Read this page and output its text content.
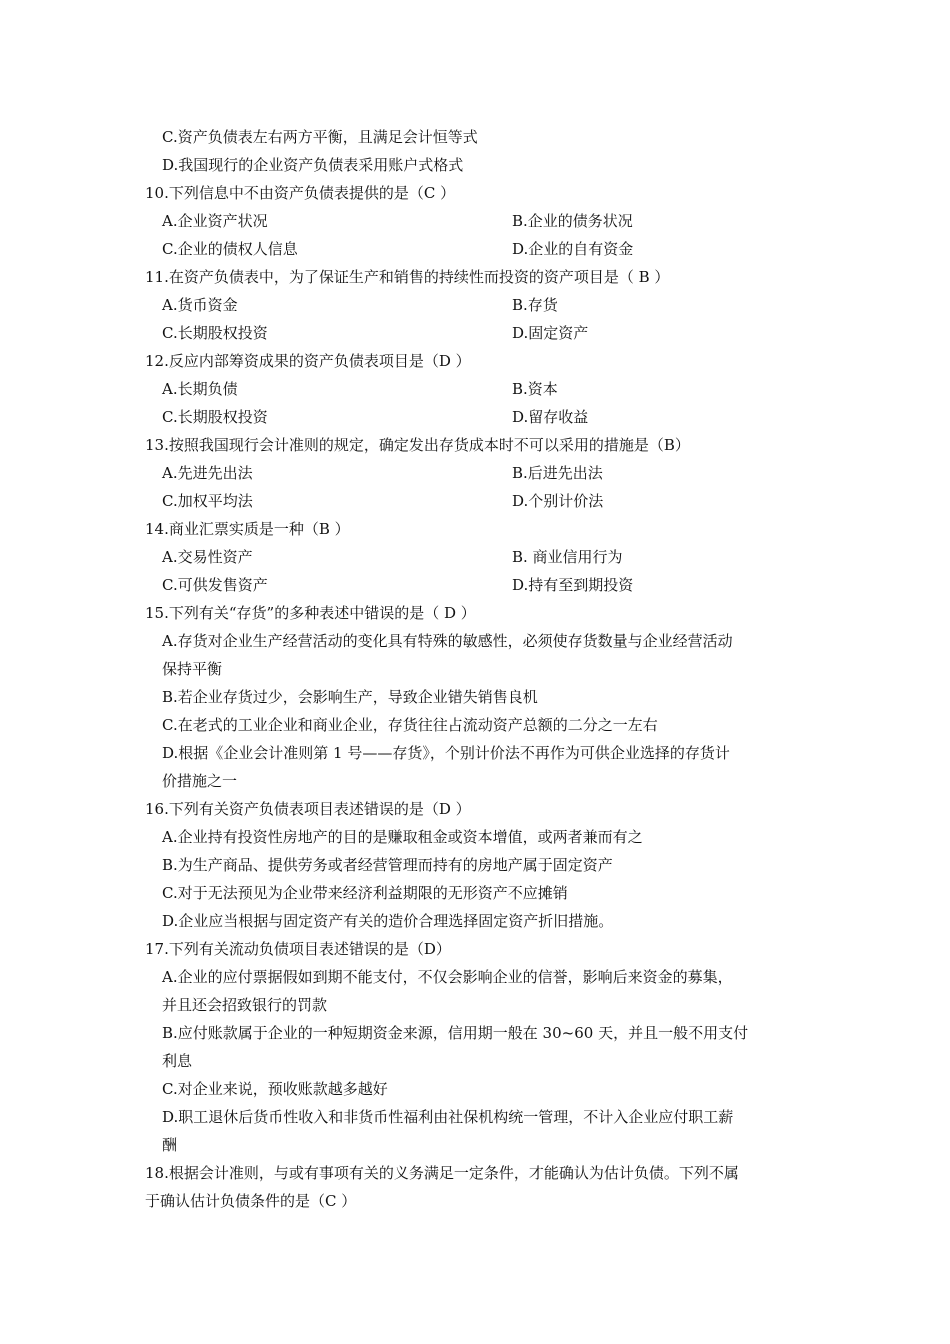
C.资产负债表左右两方平衡，且满足会计恒等式
D.我国现行的企业资产负债表采用账户式格式
10.下列信息中不由资产负债表提供的是（C ）
A.企业资产状况	B.企业的债务状况
C.企业的债权人信息	D.企业的自有资金
11.在资产负债表中，为了保证生产和销售的持续性而投资的资产项目是（ B ）
A.货币资金	B.存货
C.长期股权投资	D.固定资产
12.反应内部筹资成果的资产负债表项目是（D ）
A.长期负债	B.资本
C.长期股权投资	D.留存收益
13.按照我国现行会计准则的规定，确定发出存货成本时不可以采用的措施是（B）
A.先进先出法	B.后进先出法
C.加权平均法	D.个别计价法
14.商业汇票实质是一种（B ）
A.交易性资产	B. 商业信用行为
C.可供发售资产	D.持有至到期投资
15.下列有关“存货”的多种表述中错误的是（ D ）
A.存货对企业生产经营活动的变化具有特殊的敏感性，必须使存货数量与企业经营活动
保持平衡
B.若企业存货过少，会影响生产，导致企业错失销售良机
C.在老式的工业企业和商业企业，存货往往占流动资产总额的二分之一左右
D.根据《企业会计准则第 1 号——存货》，个别计价法不再作为可供企业选择的存货计
价措施之一
16.下列有关资产负债表项目表述错误的是（D ）
A.企业持有投资性房地产的目的是赚取租金或资本增值，或两者兼而有之
B.为生产商品、提供劳务或者经营管理而持有的房地产属于固定资产
C.对于无法预见为企业带来经济利益期限的无形资产不应摊销
D.企业应当根据与固定资产有关的造价合理选择固定资产折旧措施。
17.下列有关流动负债项目表述错误的是（D）
A.企业的应付票据假如到期不能支付，不仅会影响企业的信誉，影响后来资金的募集，
并且还会招致银行的罚款
B.应付账款属于企业的一种短期资金来源，信用期一般在 30~60 天，并且一般不用支付
利息
C.对企业来说，预收账款越多越好
D.职工退休后货币性收入和非货币性福利由社保机构统一管理，不计入企业应付职工薪
酬
18.根据会计准则，与或有事项有关的义务满足一定条件，才能确认为估计负债。下列不属
于确认估计负债条件的是（C ）
